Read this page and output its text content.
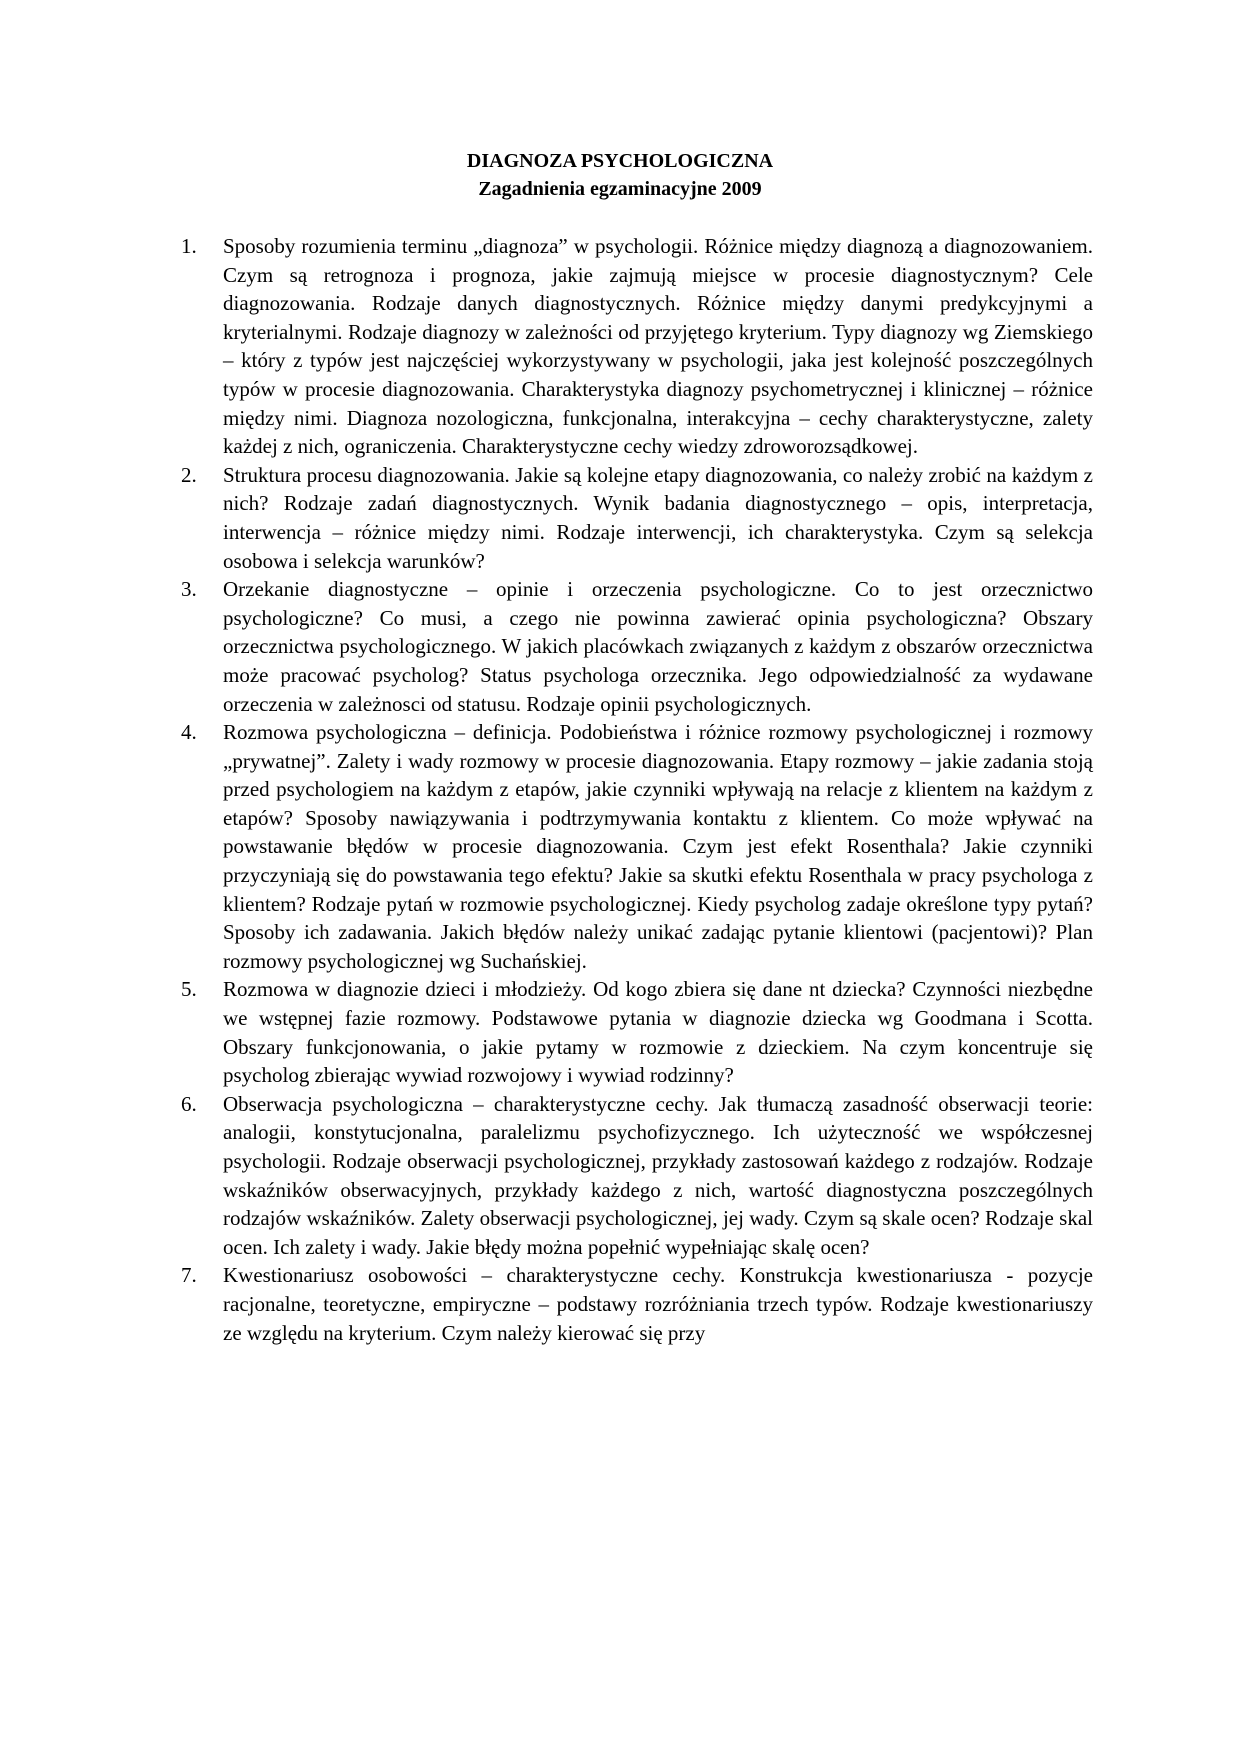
DIAGNOZA PSYCHOLOGICZNA

Zagadnienia egzaminacyjne 2009

1.	Sposoby rozumienia terminu „diagnoza” w psychologii. Różnice między diagnozą a diagnozowaniem. Czym są retrognoza i prognoza, jakie zajmują miejsce w procesie diagnostycznym? Cele diagnozowania. Rodzaje danych diagnostycznych. Różnice między danymi predykcyjnymi a kryterialnymi. Rodzaje diagnozy w zależności od przyjętego kryterium. Typy diagnozy wg Ziemskiego – który z typów jest najczęściej wykorzystywany w psychologii, jaka jest kolejność poszczególnych typów w procesie diagnozowania. Charakterystyka diagnozy psychometrycznej i klinicznej – różnice między nimi. Diagnoza nozologiczna, funkcjonalna, interakcyjna – cechy charakterystyczne, zalety każdej z nich, ograniczenia. Charakterystyczne cechy wiedzy zdroworozsądkowej.
2.	Struktura procesu diagnozowania. Jakie są kolejne etapy diagnozowania, co należy zrobić na każdym z nich? Rodzaje zadań diagnostycznych. Wynik badania diagnostycznego – opis, interpretacja, interwencja – różnice między nimi. Rodzaje interwencji, ich charakterystyka. Czym są selekcja osobowa i selekcja warunków?
3.	Orzekanie diagnostyczne – opinie i orzeczenia psychologiczne. Co to jest orzecznictwo psychologiczne? Co musi, a czego nie powinna zawierać opinia psychologiczna? Obszary orzecznictwa psychologicznego. W jakich placówkach związanych z każdym z obszarów orzecznictwa może pracować psycholog? Status psychologa orzecznika. Jego odpowiedzialność za wydawane orzeczenia w zależnosci od statusu. Rodzaje opinii psychologicznych.
4.	Rozmowa psychologiczna – definicja. Podobieństwa i różnice rozmowy psychologicznej i rozmowy „prywatnej”. Zalety i wady rozmowy w procesie diagnozowania. Etapy rozmowy – jakie zadania stoją przed psychologiem na każdym z etapów, jakie czynniki wpływają na relacje z klientem na każdym z etapów? Sposoby nawiązywania i podtrzymywania kontaktu z klientem. Co może wpływać na powstawanie błędów w procesie diagnozowania. Czym jest efekt Rosenthala? Jakie czynniki przyczyniają się do powstawania tego efektu? Jakie sa skutki efektu Rosenthala w pracy psychologa z klientem? Rodzaje pytań w rozmowie psychologicznej. Kiedy psycholog zadaje określone typy pytań? Sposoby ich zadawania. Jakich błędów należy unikać zadając pytanie klientowi (pacjentowi)? Plan rozmowy psychologicznej wg Suchańskiej.
5.	Rozmowa w diagnozie dzieci i młodzieży. Od kogo zbiera się dane nt dziecka? Czynności niezbędne we wstępnej fazie rozmowy. Podstawowe pytania w diagnozie dziecka wg Goodmana i Scotta. Obszary funkcjonowania, o jakie pytamy w rozmowie z dzieckiem. Na czym koncentruje się psycholog zbierając wywiad rozwojowy i wywiad rodzinny?
6.	Obserwacja psychologiczna – charakterystyczne cechy. Jak tłumaczą zasadność obserwacji teorie: analogii, konstytucjonalna, paralelizmu psychofizycznego. Ich użyteczność we współczesnej psychologii. Rodzaje obserwacji psychologicznej, przykłady zastosowań każdego z rodzajów. Rodzaje wskaźników obserwacyjnych, przykłady każdego z nich, wartość diagnostyczna poszczególnych rodzajów wskaźników. Zalety obserwacji psychologicznej, jej wady. Czym są skale ocen? Rodzaje skal ocen. Ich zalety i wady. Jakie błędy można popełnić wypełniając skalę ocen?
7.	Kwestionariusz osobowości – charakterystyczne cechy. Konstrukcja kwestionariusza - pozycje racjonalne, teoretyczne, empiryczne – podstawy rozróżniania trzech typów. Rodzaje kwestionariuszy ze względu na kryterium. Czym należy kierować się przy
